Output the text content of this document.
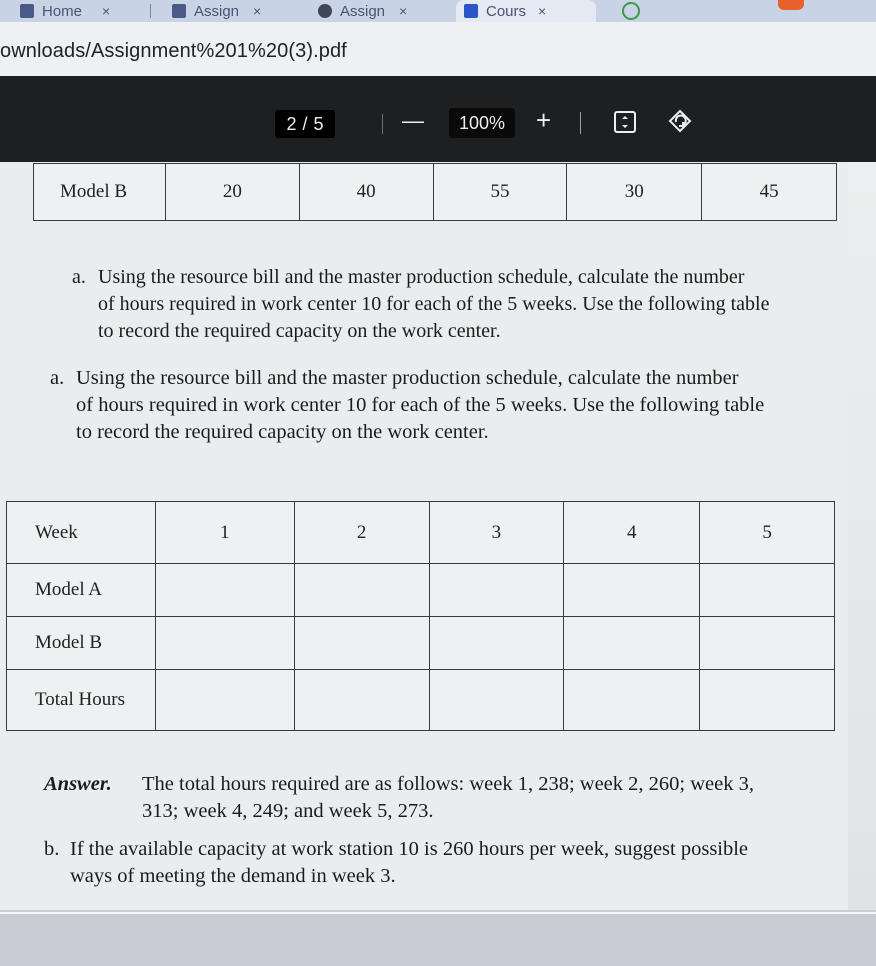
Home ×	Assign ×	Assign ×	Cours ×
ownloads/Assignment%201%20(3).pdf
2 / 5	—	100%	+
Model B	20	40	55	30	45
a. Using the resource bill and the master production schedule, calculate the number
of hours required in work center 10 for each of the 5 weeks. Use the following table
to record the required capacity on the work center.
a. Using the resource bill and the master production schedule, calculate the number
of hours required in work center 10 for each of the 5 weeks. Use the following table
to record the required capacity on the work center.
Week	1	2	3	4	5
Model A					
Model B					
Total Hours					
Answer. The total hours required are as follows: week 1, 238; week 2, 260; week 3,
313; week 4, 249; and week 5, 273.
b. If the available capacity at work station 10 is 260 hours per week, suggest possible
ways of meeting the demand in week 3.
